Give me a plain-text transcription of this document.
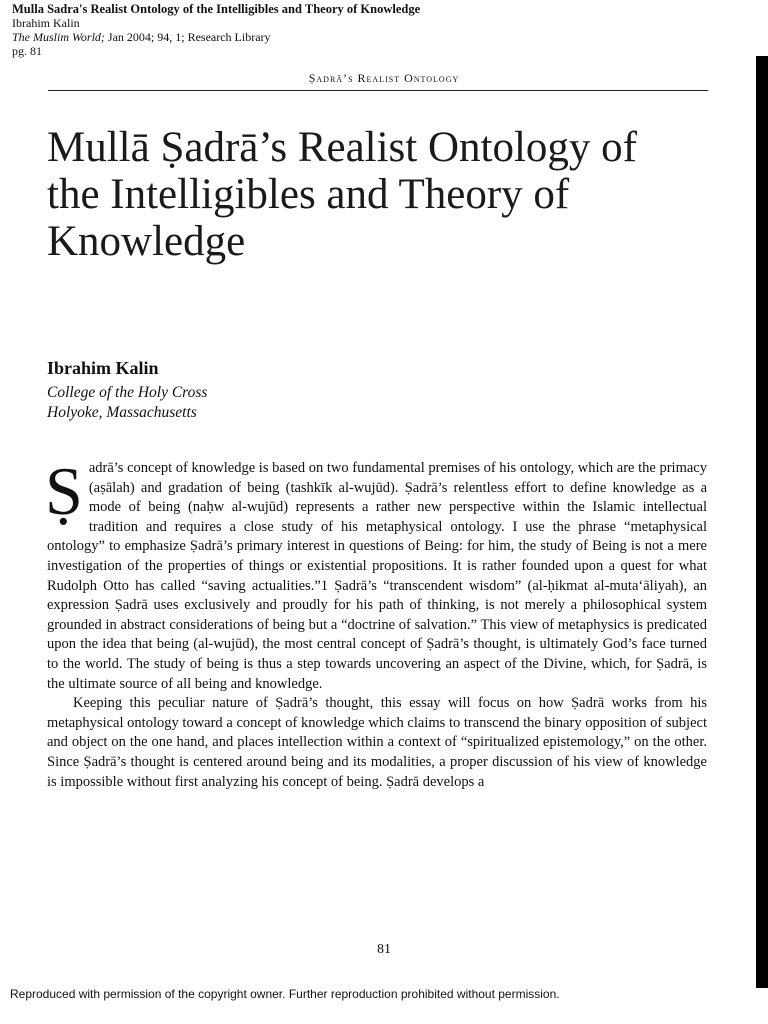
Mulla Sadra's Realist Ontology of the Intelligibles and Theory of Knowledge
Ibrahim Kalin
The Muslim World; Jan 2004; 94, 1; Research Library
pg. 81
Ṣadrā’s Realist Ontology
Mullā Ṣadrā’s Realist Ontology of the Intelligibles and Theory of Knowledge
Ibrahim Kalin
College of the Holy Cross
Holyoke, Massachusetts

Ṣadrā’s concept of knowledge is based on two fundamental premises of his ontology, which are the primacy (aṣālah) and gradation of being (tashkīk al-wujūd). Ṣadrā’s relentless effort to define knowledge as a mode of being (naḥw al-wujūd) represents a rather new perspective within the Islamic intellectual tradition and requires a close study of his metaphysical ontology. I use the phrase “metaphysical ontology” to emphasize Ṣadrā’s primary interest in questions of Being: for him, the study of Being is not a mere investigation of the properties of things or existential propositions. It is rather founded upon a quest for what Rudolph Otto has called “saving actualities.”1 Ṣadrā’s “transcendent wisdom” (al-ḥikmat al-muta‘āliyah), an expression Ṣadrā uses exclusively and proudly for his path of thinking, is not merely a philosophical system grounded in abstract considerations of being but a “doctrine of salvation.” This view of metaphysics is predicated upon the idea that being (al-wujūd), the most central concept of Ṣadrā’s thought, is ultimately God’s face turned to the world. The study of being is thus a step towards uncovering an aspect of the Divine, which, for Ṣadrā, is the ultimate source of all being and knowledge.

Keeping this peculiar nature of Ṣadrā’s thought, this essay will focus on how Ṣadrā works from his metaphysical ontology toward a concept of knowledge which claims to transcend the binary opposition of subject and object on the one hand, and places intellection within a context of “spiritualized epistemology,” on the other. Since Ṣadrā’s thought is centered around being and its modalities, a proper discussion of his view of knowledge is impossible without first analyzing his concept of being. Ṣadrā develops a

81
Reproduced with permission of the copyright owner. Further reproduction prohibited without permission.
